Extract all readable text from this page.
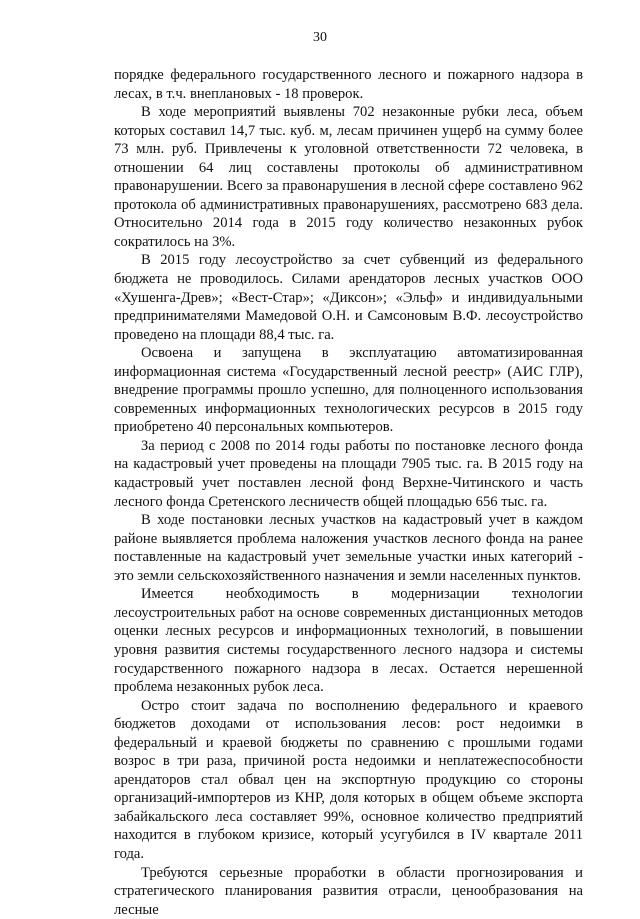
30

порядке федерального государственного лесного и пожарного надзора в лесах, в т.ч. внеплановых - 18 проверок.

В ходе мероприятий выявлены 702 незаконные рубки леса, объем которых составил 14,7 тыс. куб. м, лесам причинен ущерб на сумму более 73 млн. руб. Привлечены к уголовной ответственности 72 человека, в отношении 64 лиц составлены протоколы об административном правонарушении. Всего за правонарушения в лесной сфере составлено 962 протокола об административных правонарушениях, рассмотрено 683 дела. Относительно 2014 года в 2015 году количество незаконных рубок сократилось на 3%.

В 2015 году лесоустройство за счет субвенций из федерального бюджета не проводилось. Силами арендаторов лесных участков ООО «Хушенга-Древ»; «Вест-Стар»; «Диксон»; «Эльф» и индивидуальными предпринимателями Мамедовой О.Н. и Самсоновым В.Ф. лесоустройство проведено на площади 88,4 тыс. га.

Освоена и запущена в эксплуатацию автоматизированная информационная система «Государственный лесной реестр» (АИС ГЛР), внедрение программы прошло успешно, для полноценного использования современных информационных технологических ресурсов в 2015 году приобретено 40 персональных компьютеров.

За период с 2008 по 2014 годы работы по постановке лесного фонда на кадастровый учет проведены на площади 7905 тыс. га. В 2015 году на кадастровый учет поставлен лесной фонд Верхне-Читинского и часть лесного фонда Сретенского лесничеств общей площадью 656 тыс. га.

В ходе постановки лесных участков на кадастровый учет в каждом районе выявляется проблема наложения участков лесного фонда на ранее поставленные на кадастровый учет земельные участки иных категорий - это земли сельскохозяйственного назначения и земли населенных пунктов.

Имеется необходимость в модернизации технологии лесоустроительных работ на основе современных дистанционных методов оценки лесных ресурсов и информационных технологий, в повышении уровня развития системы государственного лесного надзора и системы государственного пожарного надзора в лесах. Остается нерешенной проблема незаконных рубок леса.

Остро стоит задача по восполнению федерального и краевого бюджетов доходами от использования лесов: рост недоимки в федеральный и краевой бюджеты по сравнению с прошлыми годами возрос в три раза, причиной роста недоимки и неплатежеспособности арендаторов стал обвал цен на экспортную продукцию со стороны организаций-импортеров из КНР, доля которых в общем объеме экспорта забайкальского леса составляет 99%, основное количество предприятий находится в глубоком кризисе, который усугубился в IV квартале 2011 года.

Требуются серьезные проработки в области прогнозирования и стратегического планирования развития отрасли, ценообразования на лесные
